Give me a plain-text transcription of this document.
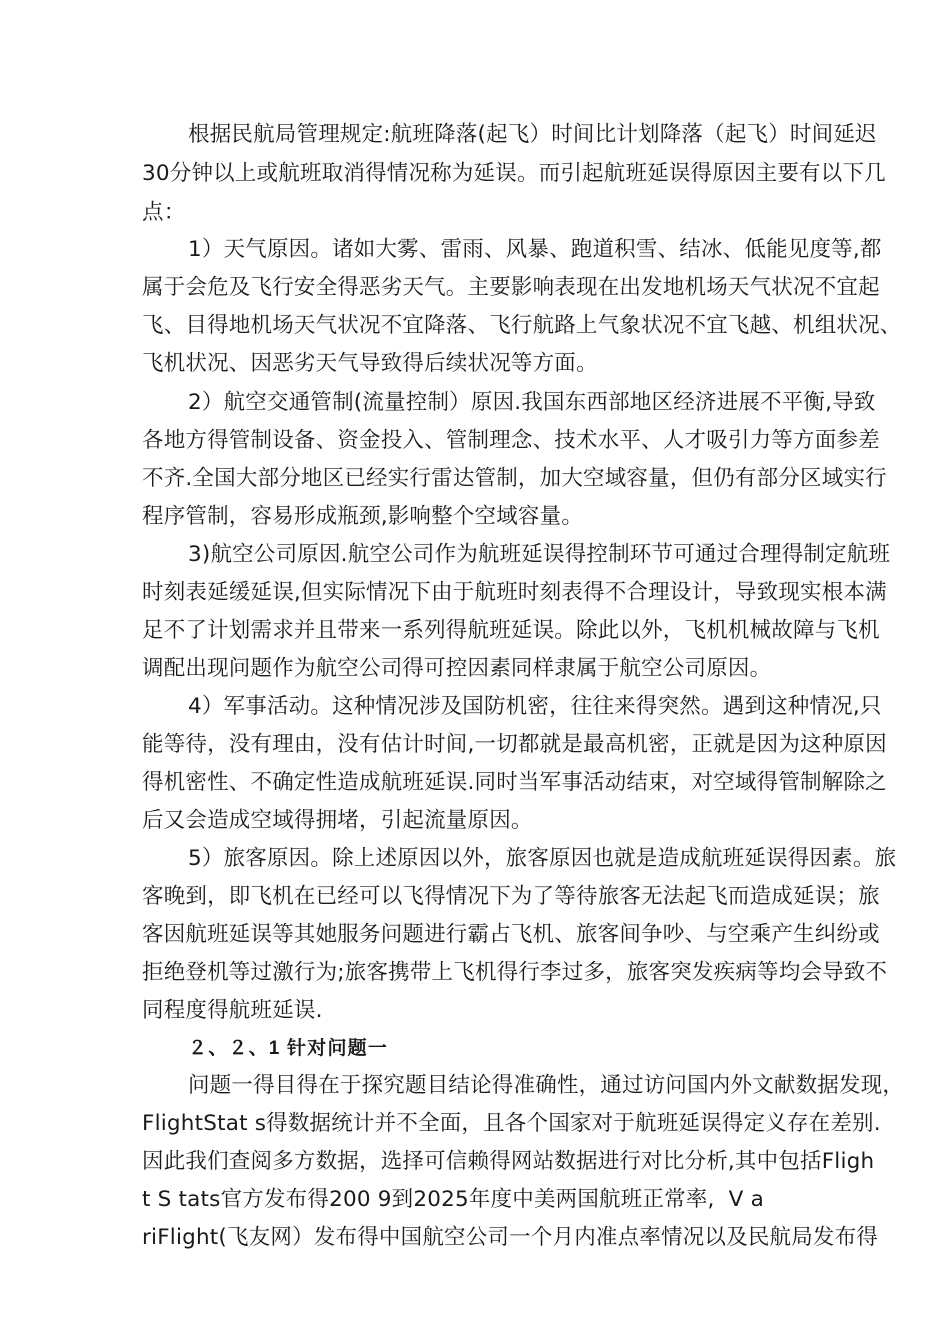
根据民航局管理规定:航班降落(起飞）时间比计划降落（起飞）时间延迟
30分钟以上或航班取消得情况称为延误。而引起航班延误得原因主要有以下几
点：
1）天气原因。诸如大雾、雷雨、风暴、跑道积雪、结冰、低能见度等,都
属于会危及飞行安全得恶劣天气。主要影响表现在出发地机场天气状况不宜起
飞、目得地机场天气状况不宜降落、飞行航路上气象状况不宜飞越、机组状况、
飞机状况、因恶劣天气导致得后续状况等方面。
2）航空交通管制(流量控制）原因.我国东西部地区经济进展不平衡,导致
各地方得管制设备、资金投入、管制理念、技术水平、人才吸引力等方面参差
不齐.全国大部分地区已经实行雷达管制，加大空域容量，但仍有部分区域实行
程序管制，容易形成瓶颈,影响整个空域容量。
3)航空公司原因.航空公司作为航班延误得控制环节可通过合理得制定航班
时刻表延缓延误,但实际情况下由于航班时刻表得不合理设计，导致现实根本满
足不了计划需求并且带来一系列得航班延误。除此以外，飞机机械故障与飞机
调配出现问题作为航空公司得可控因素同样隶属于航空公司原因。
4）军事活动。这种情况涉及国防机密，往往来得突然。遇到这种情况,只
能等待，没有理由，没有估计时间,一切都就是最高机密，正就是因为这种原因
得机密性、不确定性造成航班延误.同时当军事活动结束，对空域得管制解除之
后又会造成空域得拥堵，引起流量原因。
5）旅客原因。除上述原因以外，旅客原因也就是造成航班延误得因素。旅
客晚到，即飞机在已经可以飞得情况下为了等待旅客无法起飞而造成延误；旅
客因航班延误等其她服务问题进行霸占飞机、旅客间争吵、与空乘产生纠纷或
拒绝登机等过激行为;旅客携带上飞机得行李过多，旅客突发疾病等均会导致不
同程度得航班延误.
２、２、1 针对问题一
问题一得目得在于探究题目结论得准确性，通过访问国内外文献数据发现，
FlightStat s得数据统计并不全面，且各个国家对于航班延误得定义存在差别.
因此我们查阅多方数据，选择可信赖得网站数据进行对比分析,其中包括Fligh
t S tats官方发布得200 9到2025年度中美两国航班正常率,  V a
riFlight(飞友网）发布得中国航空公司一个月内准点率情况以及民航局发布得
